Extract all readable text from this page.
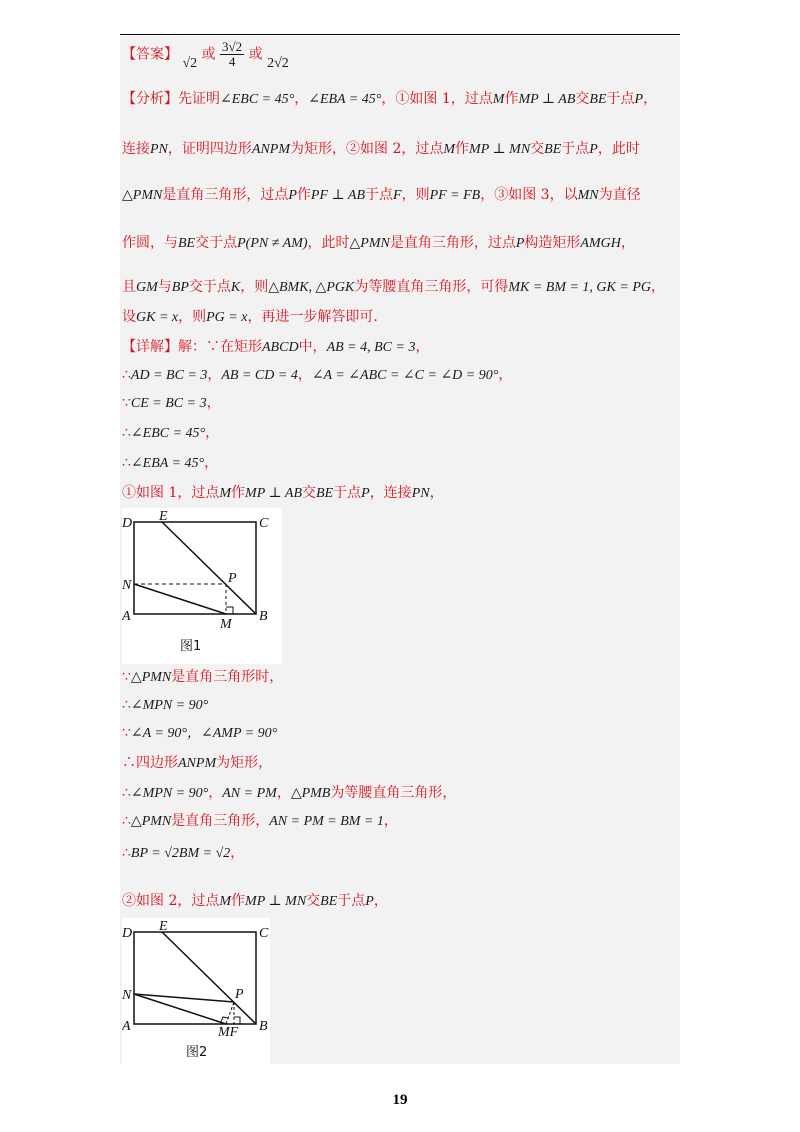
【答案】 √2 或 $\frac{3√2}{4}$ 或 2√2
【分析】先证明∠EBC = 45°，∠EBA = 45°，①如图 1，过点M作MP ⊥ AB交BE于点P，
连接PN，证明四边形ANPM为矩形，②如图 2，过点M作MP ⊥ MN交BE于点P，此时
△PMN是直角三角形，过点P作PF ⊥ AB于点F，则PF = FB，③如图 3，以MN为直径
作圆，与BE交于点P(PN ≠ AM)，此时△PMN是直角三角形，过点P构造矩形AMGH，
且GM与BP交于点K，则△BMK, △PGK为等腰直角三角形，可得MK = BM = 1, GK = PG，
设GK = x，则PG = x，再进一步解答即可.
【详解】解：∵在矩形ABCD中，AB = 4, BC = 3，
∴AD = BC = 3，AB = CD = 4，∠A = ∠ABC = ∠C = ∠D = 90°，
∵CE = BC = 3，
∴∠EBC = 45°，
∴∠EBA = 45°，
①如图 1，过点M作MP ⊥ AB交BE于点P，连接PN，
D E	C
N	P
A
M
B
图1
∵△PMN是直角三角形时，
∴∠MPN = 90°
∵∠A = 90°，∠AMP = 90°
∴四边形ANPM为矩形，
∴∠MPN = 90°，AN = PM，△PMB为等腰直角三角形，
∴△PMN是直角三角形，AN = PM = BM = 1，
∴BP = √2BM = √2，
②如图 2，过点M作MP ⊥ MN交BE于点P，
D E	C
N	P
A	MF B
图2
19
